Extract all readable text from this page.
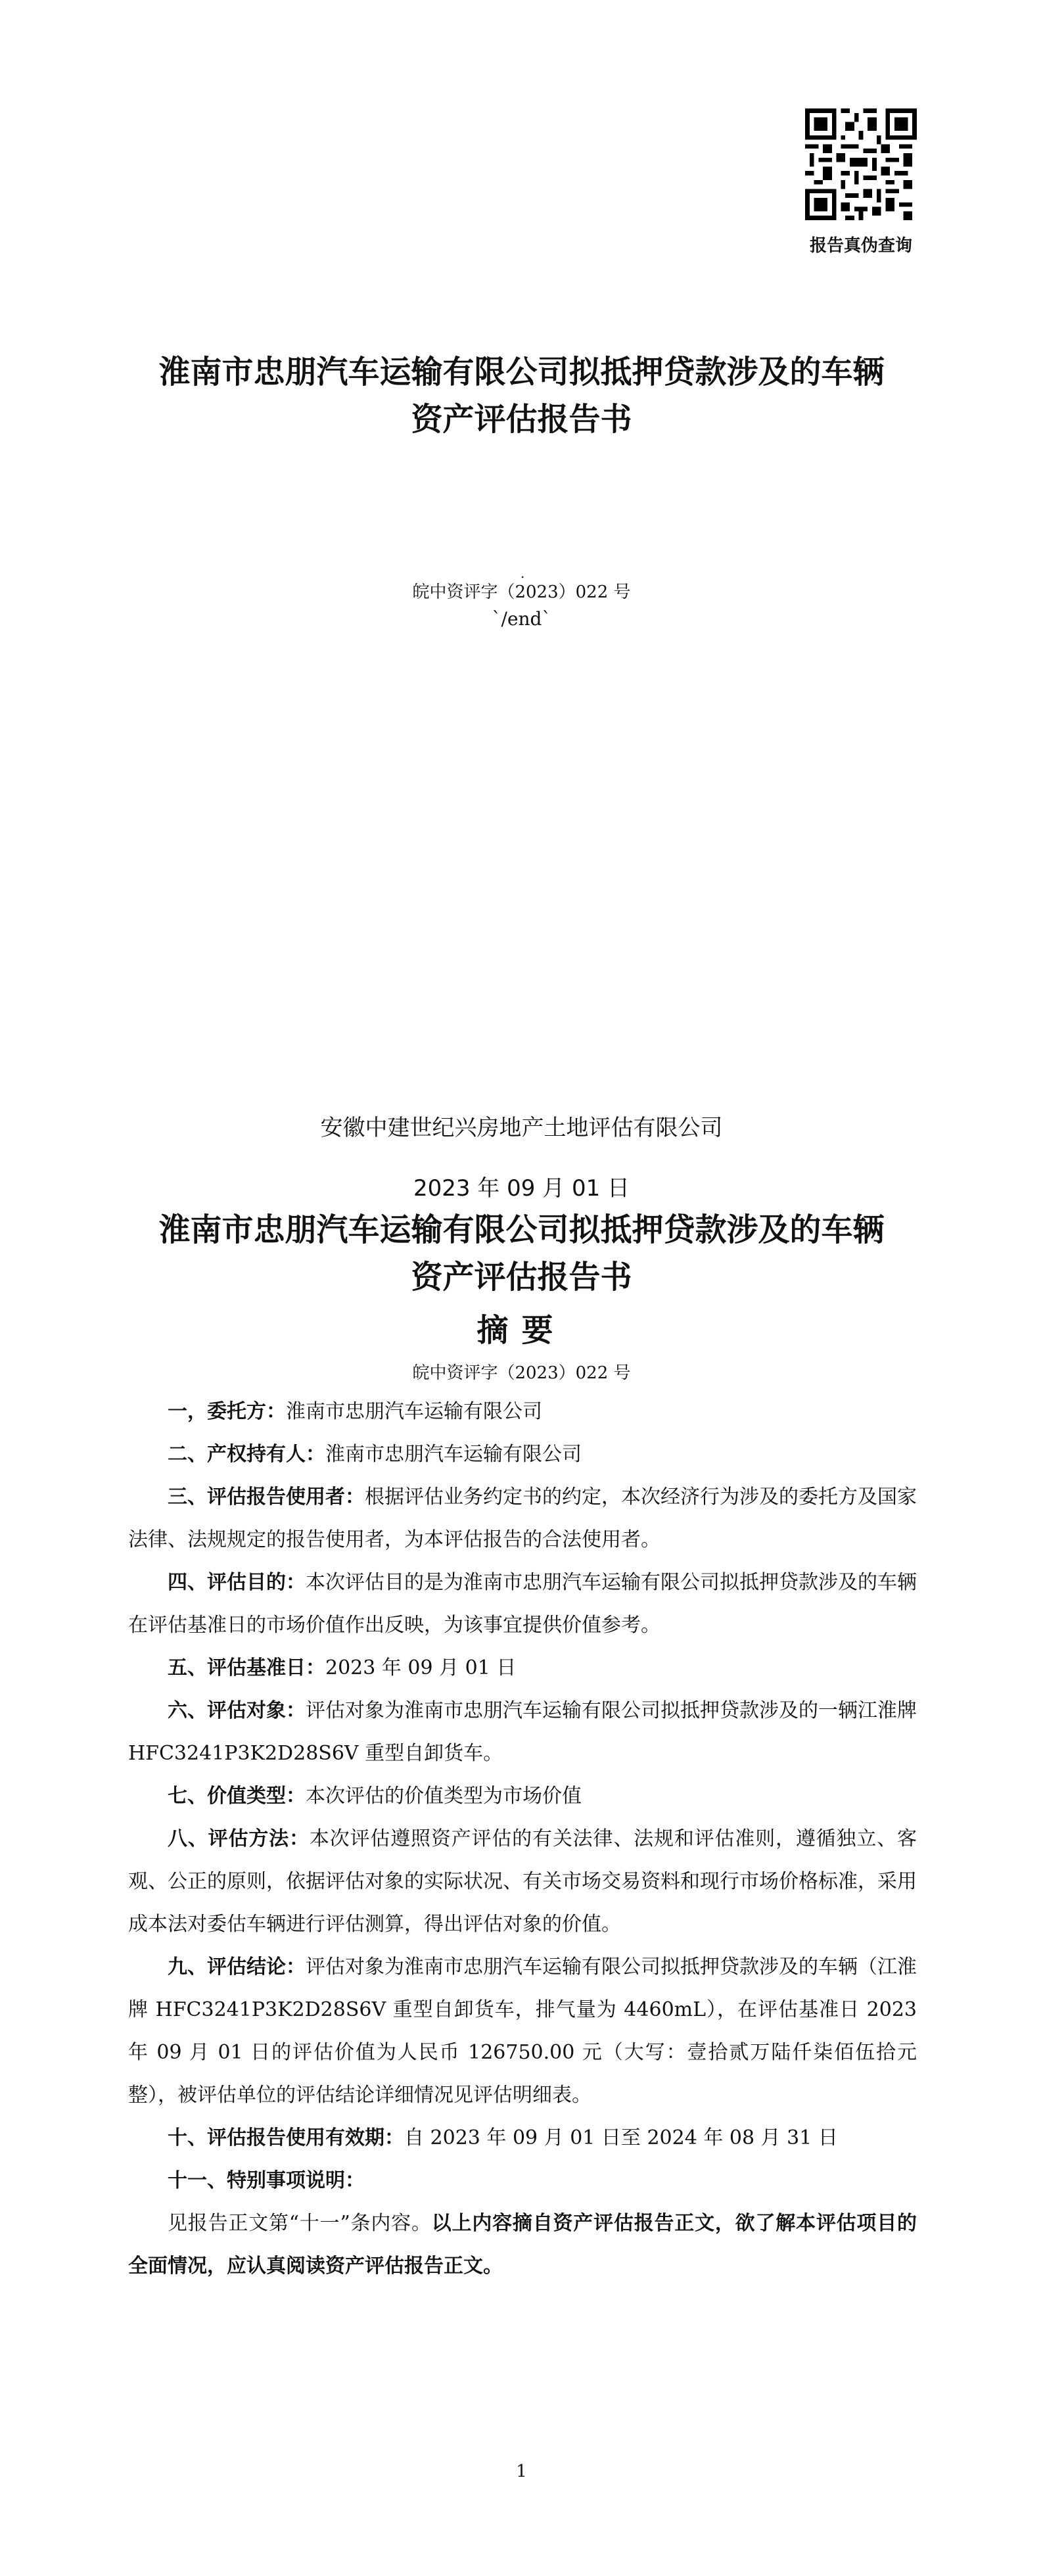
报告真伪查询
淮南市忠朋汽车运输有限公司拟抵押贷款涉及的车辆
资产评估报告书
.
皖中资评字（2023）022 号
`/end`
安徽中建世纪兴房地产土地评估有限公司
2023 年 09 月 01 日
淮南市忠朋汽车运输有限公司拟抵押贷款涉及的车辆
资产评估报告书
摘要
皖中资评字（2023）022 号

一，委托方：淮南市忠朋汽车运输有限公司

二、产权持有人：淮南市忠朋汽车运输有限公司

三、评估报告使用者：根据评估业务约定书的约定，本次经济行为涉及的委托方及国家法律、法规规定的报告使用者，为本评估报告的合法使用者。

四、评估目的：本次评估目的是为淮南市忠朋汽车运输有限公司拟抵押贷款涉及的车辆在评估基准日的市场价值作出反映，为该事宜提供价值参考。

五、评估基准日：2023 年 09 月 01 日

六、评估对象：评估对象为淮南市忠朋汽车运输有限公司拟抵押贷款涉及的一辆江淮牌 HFC3241P3K2D28S6V 重型自卸货车。

七、价值类型：本次评估的价值类型为市场价值

八、评估方法：本次评估遵照资产评估的有关法律、法规和评估准则，遵循独立、客观、公正的原则，依据评估对象的实际状况、有关市场交易资料和现行市场价格标准，采用成本法对委估车辆进行评估测算，得出评估对象的价值。

九、评估结论：评估对象为淮南市忠朋汽车运输有限公司拟抵押贷款涉及的车辆（江淮牌 HFC3241P3K2D28S6V 重型自卸货车，排气量为 4460mL），在评估基准日 2023 年 09 月 01 日的评估价值为人民币 126750.00 元（大写：壹拾贰万陆仟柒佰伍拾元整），被评估单位的评估结论详细情况见评估明细表。

十、评估报告使用有效期：自 2023 年 09 月 01 日至 2024 年 08 月 31 日

十一、特别事项说明：

见报告正文第“十一”条内容。以上内容摘自资产评估报告正文，欲了解本评估项目的全面情况，应认真阅读资产评估报告正文。

1
